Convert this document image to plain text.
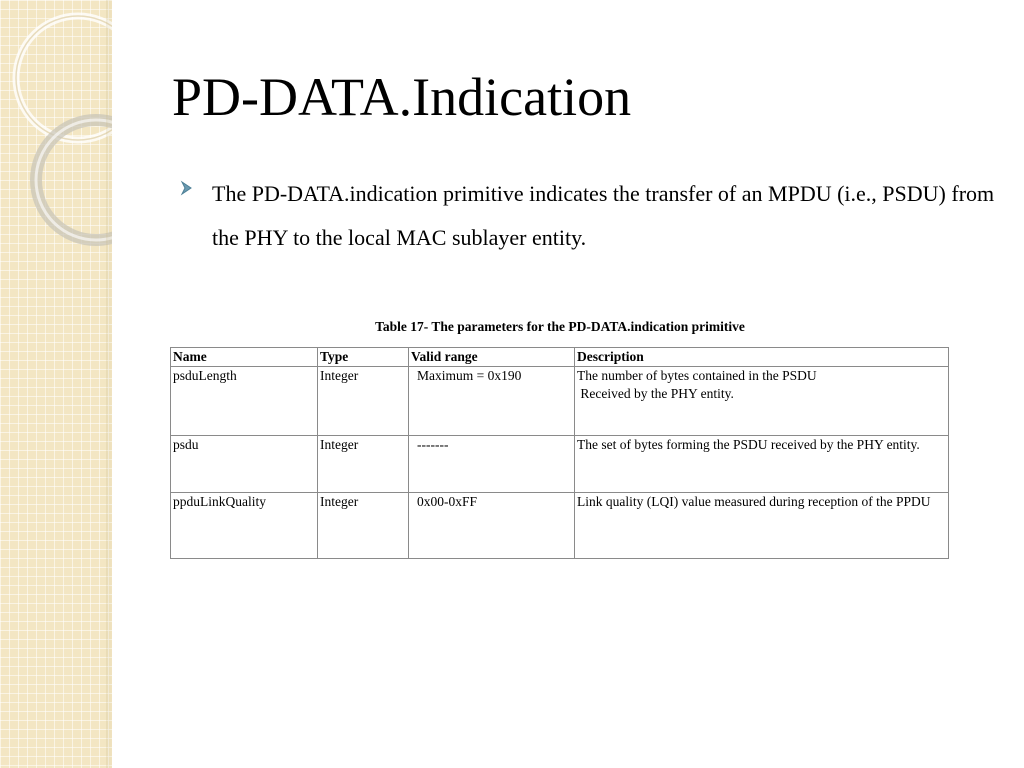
PD-DATA.Indication

The PD-DATA.indication primitive indicates the transfer of an MPDU (i.e., PSDU) from the PHY to the local MAC sublayer entity.

Table 17- The parameters for the PD-DATA.indication primitive
Name	Type	Valid range	Description
psduLength	Integer	Maximum = 0x190	The number of bytes contained in the PSDU
Received by the PHY entity.
psdu	Integer	-------	The set of bytes forming the PSDU received by the PHY entity.
ppduLinkQuality	Integer	0x00-0xFF	Link quality (LQI) value measured during reception of the PPDU
